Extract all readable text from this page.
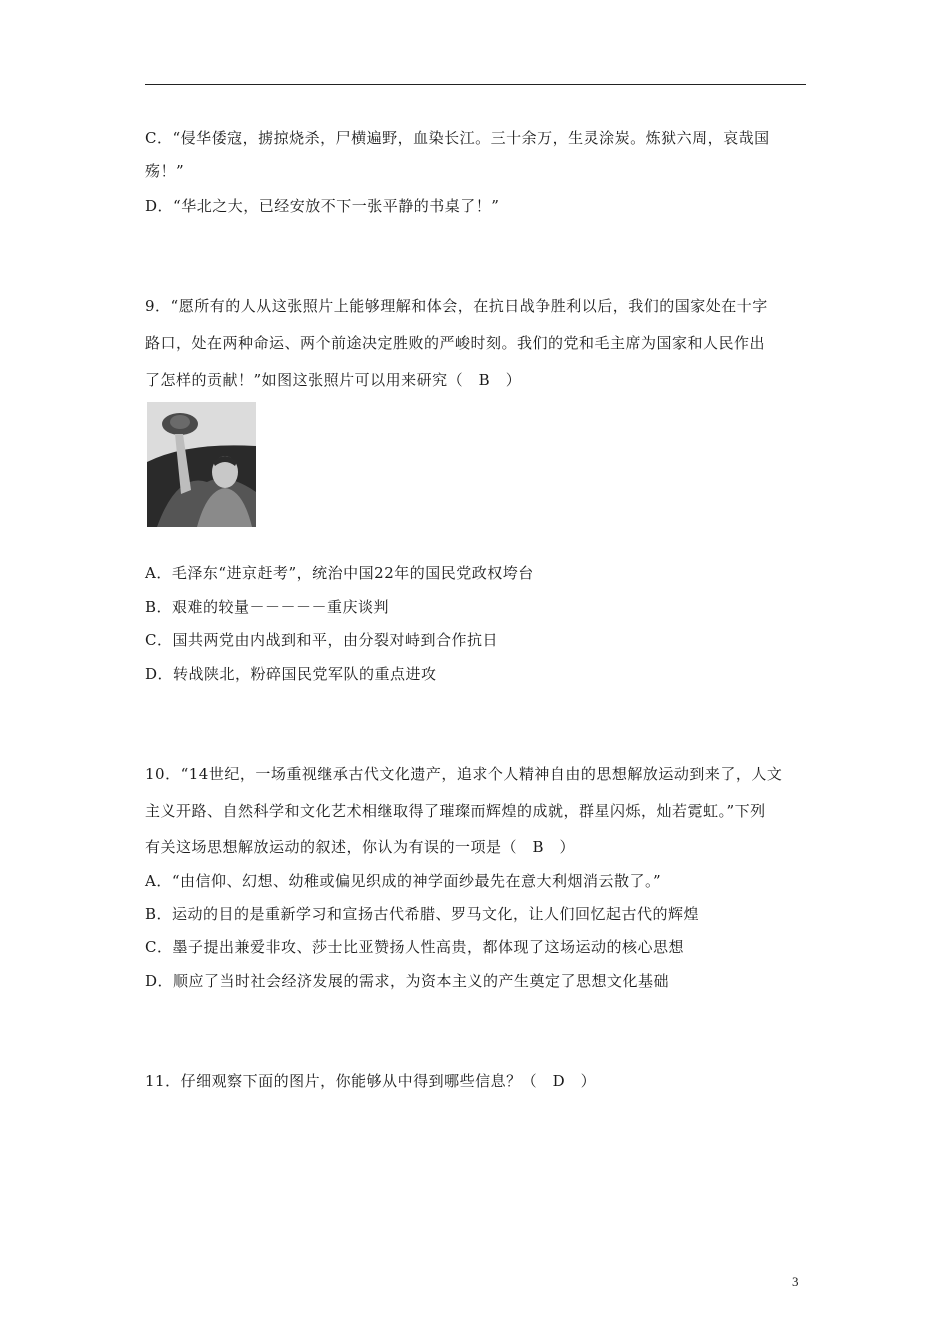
C．“侵华倭寇，掳掠烧杀，尸横遍野，血染长江。三十余万，生灵涂炭。炼狱六周，哀哉国
殇！”
D．“华北之大，已经安放不下一张平静的书桌了！”
9．“愿所有的人从这张照片上能够理解和体会，在抗日战争胜利以后，我们的国家处在十字
路口，处在两种命运、两个前途决定胜败的严峻时刻。我们的党和毛主席为国家和人民作出
了怎样的贡献！”如图这张照片可以用来研究（　B　）
A．毛泽东“进京赶考”，统治中国22年的国民党政权垮台
B．艰难的较量－－－－－重庆谈判
C．国共两党由内战到和平，由分裂对峙到合作抗日
D．转战陕北，粉碎国民党军队的重点进攻
10．“14世纪，一场重视继承古代文化遗产，追求个人精神自由的思想解放运动到来了，人文
主义开路、自然科学和文化艺术相继取得了璀璨而辉煌的成就，群星闪烁，灿若霓虹。”下列
有关这场思想解放运动的叙述，你认为有误的一项是（　B　）
A．“由信仰、幻想、幼稚或偏见织成的神学面纱最先在意大利烟消云散了。”
B．运动的目的是重新学习和宣扬古代希腊、罗马文化，让人们回忆起古代的辉煌
C．墨子提出兼爱非攻、莎士比亚赞扬人性高贵，都体现了这场运动的核心思想
D．顺应了当时社会经济发展的需求，为资本主义的产生奠定了思想文化基础
11．仔细观察下面的图片，你能够从中得到哪些信息？（　D　）
3
